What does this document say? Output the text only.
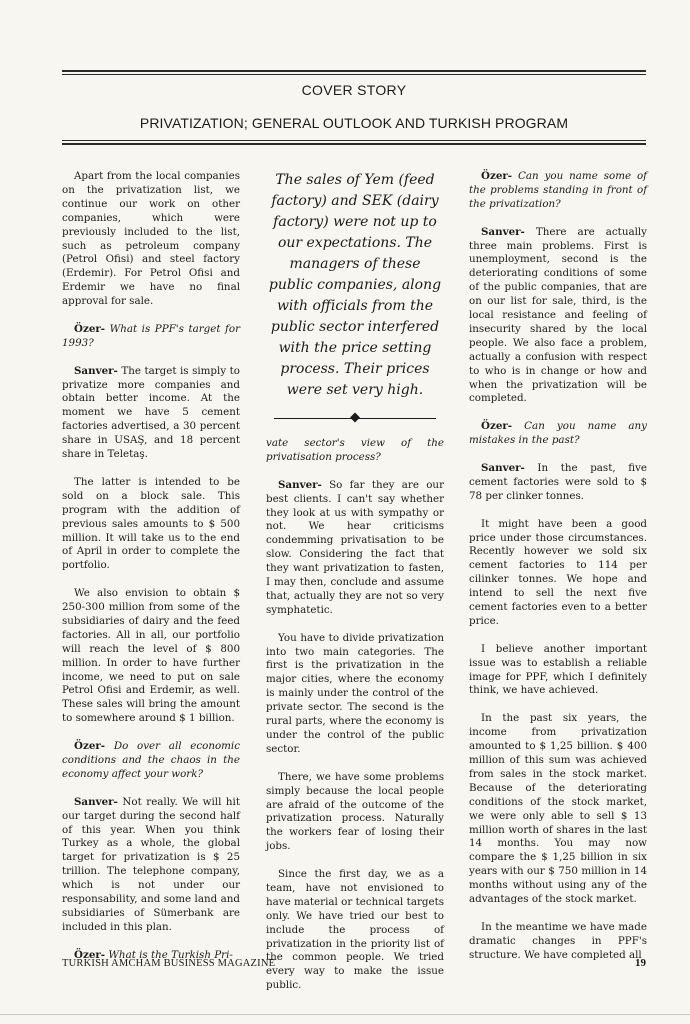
COVER STORY
PRIVATIZATION; GENERAL OUTLOOK AND TURKISH PROGRAM

Apart from the local companies on the privatization list, we continue our work on other companies, which were previously included to the list, such as petroleum company (Petrol Ofisi) and steel factory (Erdemir). For Petrol Ofisi and Erdemir we have no final approval for sale.

Özer- What is PPF's target for 1993?

Sanver- The target is simply to privatize more companies and obtain better income. At the moment we have 5 cement factories advertised, a 30 percent share in USAŞ, and 18 percent share in Teletaş.

The latter is intended to be sold on a block sale. This program with the addition of previous sales amounts to $ 500 million. It will take us to the end of April in order to complete the portfolio.

We also envision to obtain $ 250-300 million from some of the subsidiaries of dairy and the feed factories. All in all, our portfolio will reach the level of $ 800 million. In order to have further income, we need to put on sale Petrol Ofisi and Erdemir, as well. These sales will bring the amount to somewhere around $ 1 billion.

Özer- Do over all economic conditions and the chaos in the economy affect your work?

Sanver- Not really. We will hit our target during the second half of this year. When you think Turkey as a whole, the global target for privatization is $ 25 trillion. The telephone company, which is not under our responsability, and some land and subsidiaries of Sümerbank are included in this plan.

Özer- What is the Turkish Pri-

The sales of Yem (feed factory) and SEK (dairy factory) were not up to our expectations. The managers of these public companies, along with officials from the public sector interfered with the price setting process. Their prices were set very high.

vate sector's view of the privatisation process?

Sanver- So far they are our best clients. I can't say whether they look at us with sympathy or not. We hear criticisms condemming privatisation to be slow. Considering the fact that they want privatization to fasten, I may then, conclude and assume that, actually they are not so very symphatetic.

You have to divide privatization into two main categories. The first is the privatization in the major cities, where the economy is mainly under the control of the private sector. The second is the rural parts, where the economy is under the control of the public sector.

There, we have some problems simply because the local people are afraid of the outcome of the privatization process. Naturally the workers fear of losing their jobs.

Since the first day, we as a team, have not envisioned to have material or technical targets only. We have tried our best to include the process of privatization in the priority list of the common people. We tried every way to make the issue public.

Özer- Can you name some of the problems standing in front of the privatization?

Sanver- There are actually three main problems. First is unemployment, second is the deteriorating conditions of some of the public companies, that are on our list for sale, third, is the local resistance and feeling of insecurity shared by the local people. We also face a problem, actually a confusion with respect to who is in change or how and when the privatization will be completed.

Özer- Can you name any mistakes in the past?

Sanver- In the past, five cement factories were sold to $ 78 per clinker tonnes.

It might have been a good price under those circumstances. Recently however we sold six cement factories to 114 per cilinker tonnes. We hope and intend to sell the next five cement factories even to a better price.

I believe another important issue was to establish a reliable image for PPF, which I definitely think, we have achieved.

In the past six years, the income from privatization amounted to $ 1,25 billion. $ 400 million of this sum was achieved from sales in the stock market. Because of the deteriorating conditions of the stock market, we were only able to sell $ 13 million worth of shares in the last 14 months. You may now compare the $ 1,25 billion in six years with our $ 750 million in 14 months without using any of the advantages of the stock market.

In the meantime we have made dramatic changes in PPF's structure. We have completed all

TURKISH AMCHAM BUSINESS MAGAZINE	19
